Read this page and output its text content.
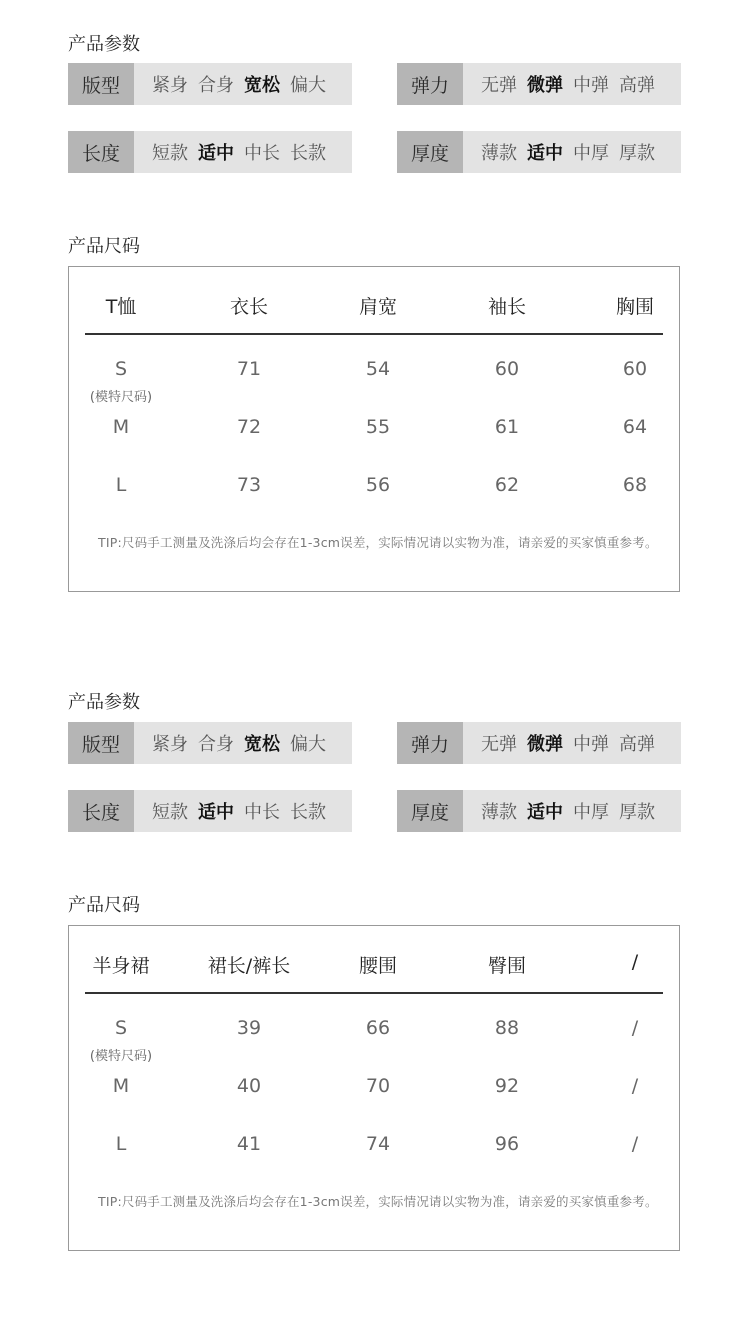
产品参数
版型	紧身 合身 宽松 偏大	弹力	无弹 微弹 中弹 高弹
长度	短款 适中 中长 长款	厚度	薄款 适中 中厚 厚款
产品尺码
T恤	衣长	肩宽	袖长	胸围
S	71	54	60	60
(模特尺码)
M	72	55	61	64
L	73	56	62	68
TIP:尺码手工测量及洗涤后均会存在1-3cm误差，实际情况请以实物为准，请亲爱的买家慎重参考。
产品参数
版型	紧身 合身 宽松 偏大	弹力	无弹 微弹 中弹 高弹
长度	短款 适中 中长 长款	厚度	薄款 适中 中厚 厚款
产品尺码
半身裙	裙长/裤长	腰围	臀围	/
S	39	66	88	/
(模特尺码)
M	40	70	92	/
L	41	74	96	/
TIP:尺码手工测量及洗涤后均会存在1-3cm误差，实际情况请以实物为准，请亲爱的买家慎重参考。
